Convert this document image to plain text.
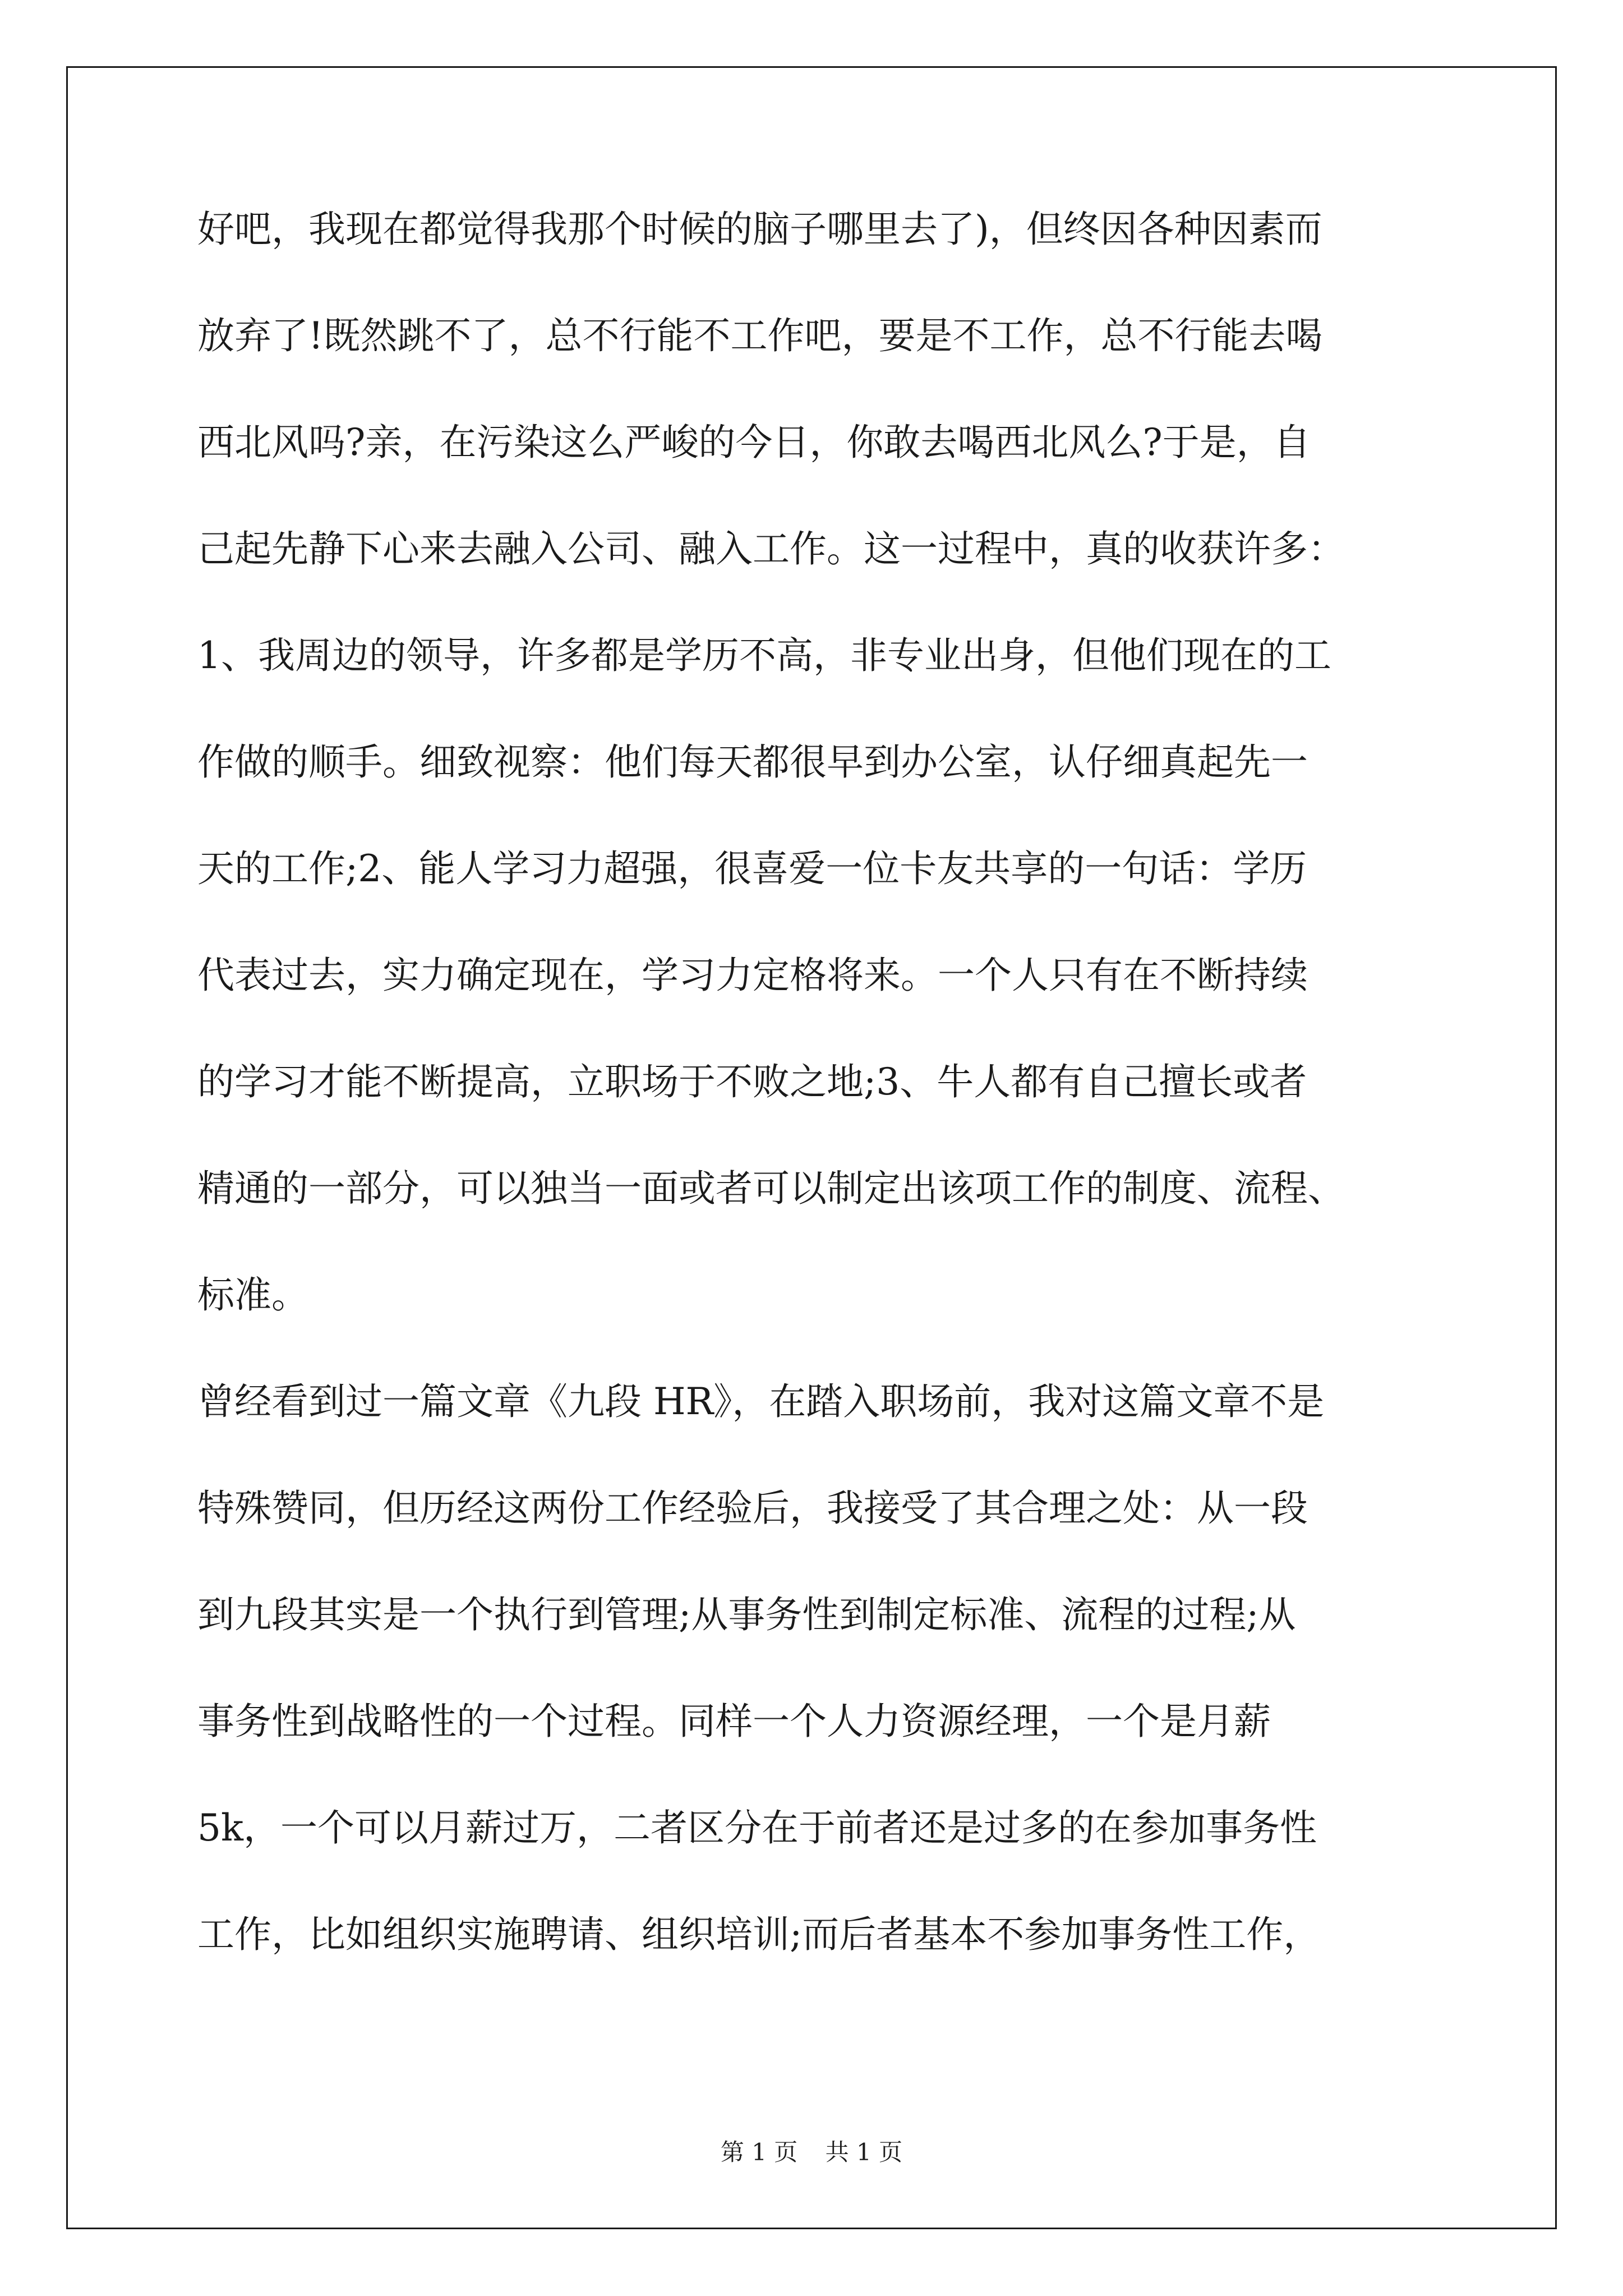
好吧，我现在都觉得我那个时候的脑子哪里去了)，但终因各种因素而
放弃了!既然跳不了，总不行能不工作吧，要是不工作，总不行能去喝
西北风吗?亲，在污染这么严峻的今日，你敢去喝西北风么?于是，自
己起先静下心来去融入公司、融入工作。这一过程中，真的收获许多：
1、我周边的领导，许多都是学历不高，非专业出身，但他们现在的工
作做的顺手。细致视察：他们每天都很早到办公室，认仔细真起先一
天的工作;2、能人学习力超强，很喜爱一位卡友共享的一句话：学历
代表过去，实力确定现在，学习力定格将来。一个人只有在不断持续
的学习才能不断提高，立职场于不败之地;3、牛人都有自己擅长或者
精通的一部分，可以独当一面或者可以制定出该项工作的制度、流程、
标准。
曾经看到过一篇文章《九段 HR》，在踏入职场前，我对这篇文章不是
特殊赞同，但历经这两份工作经验后，我接受了其合理之处：从一段
到九段其实是一个执行到管理;从事务性到制定标准、流程的过程;从
事务性到战略性的一个过程。同样一个人力资源经理，一个是月薪
5k，一个可以月薪过万，二者区分在于前者还是过多的在参加事务性
工作，比如组织实施聘请、组织培训;而后者基本不参加事务性工作，
第 1 页 共 1 页
